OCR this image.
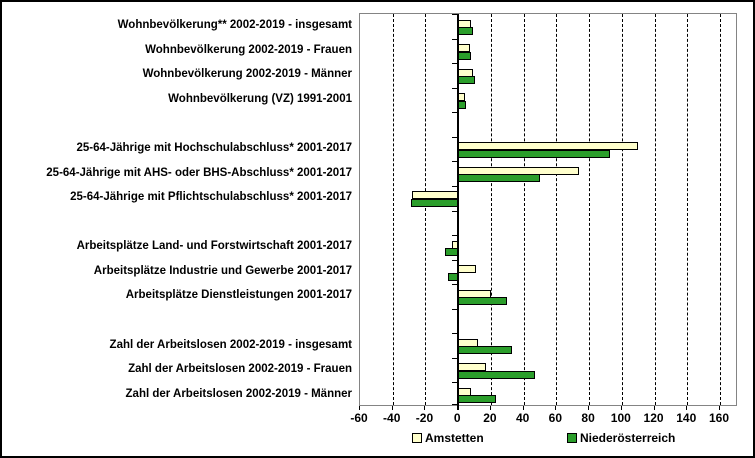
Wohnbevölkerung** 2002-2019 - insgesamt
Wohnbevölkerung 2002-2019 - Frauen
Wohnbevölkerung 2002-2019 - Männer
Wohnbevölkerung (VZ) 1991-2001
25-64-Jährige mit Hochschulabschluss* 2001-2017
25-64-Jährige mit AHS- oder BHS-Abschluss* 2001-2017
25-64-Jährige mit Pflichtschulabschluss* 2001-2017
Arbeitsplätze Land- und Forstwirtschaft 2001-2017
Arbeitsplätze Industrie und Gewerbe 2001-2017
Arbeitsplätze Dienstleistungen 2001-2017
Zahl der Arbeitslosen 2002-2019 - insgesamt
Zahl der Arbeitslosen 2002-2019 - Frauen
Zahl der Arbeitslosen 2002-2019 - Männer
-60	-40	-20	0	20	40	60	80	100	120	140	160
Amstetten	Niederösterreich
